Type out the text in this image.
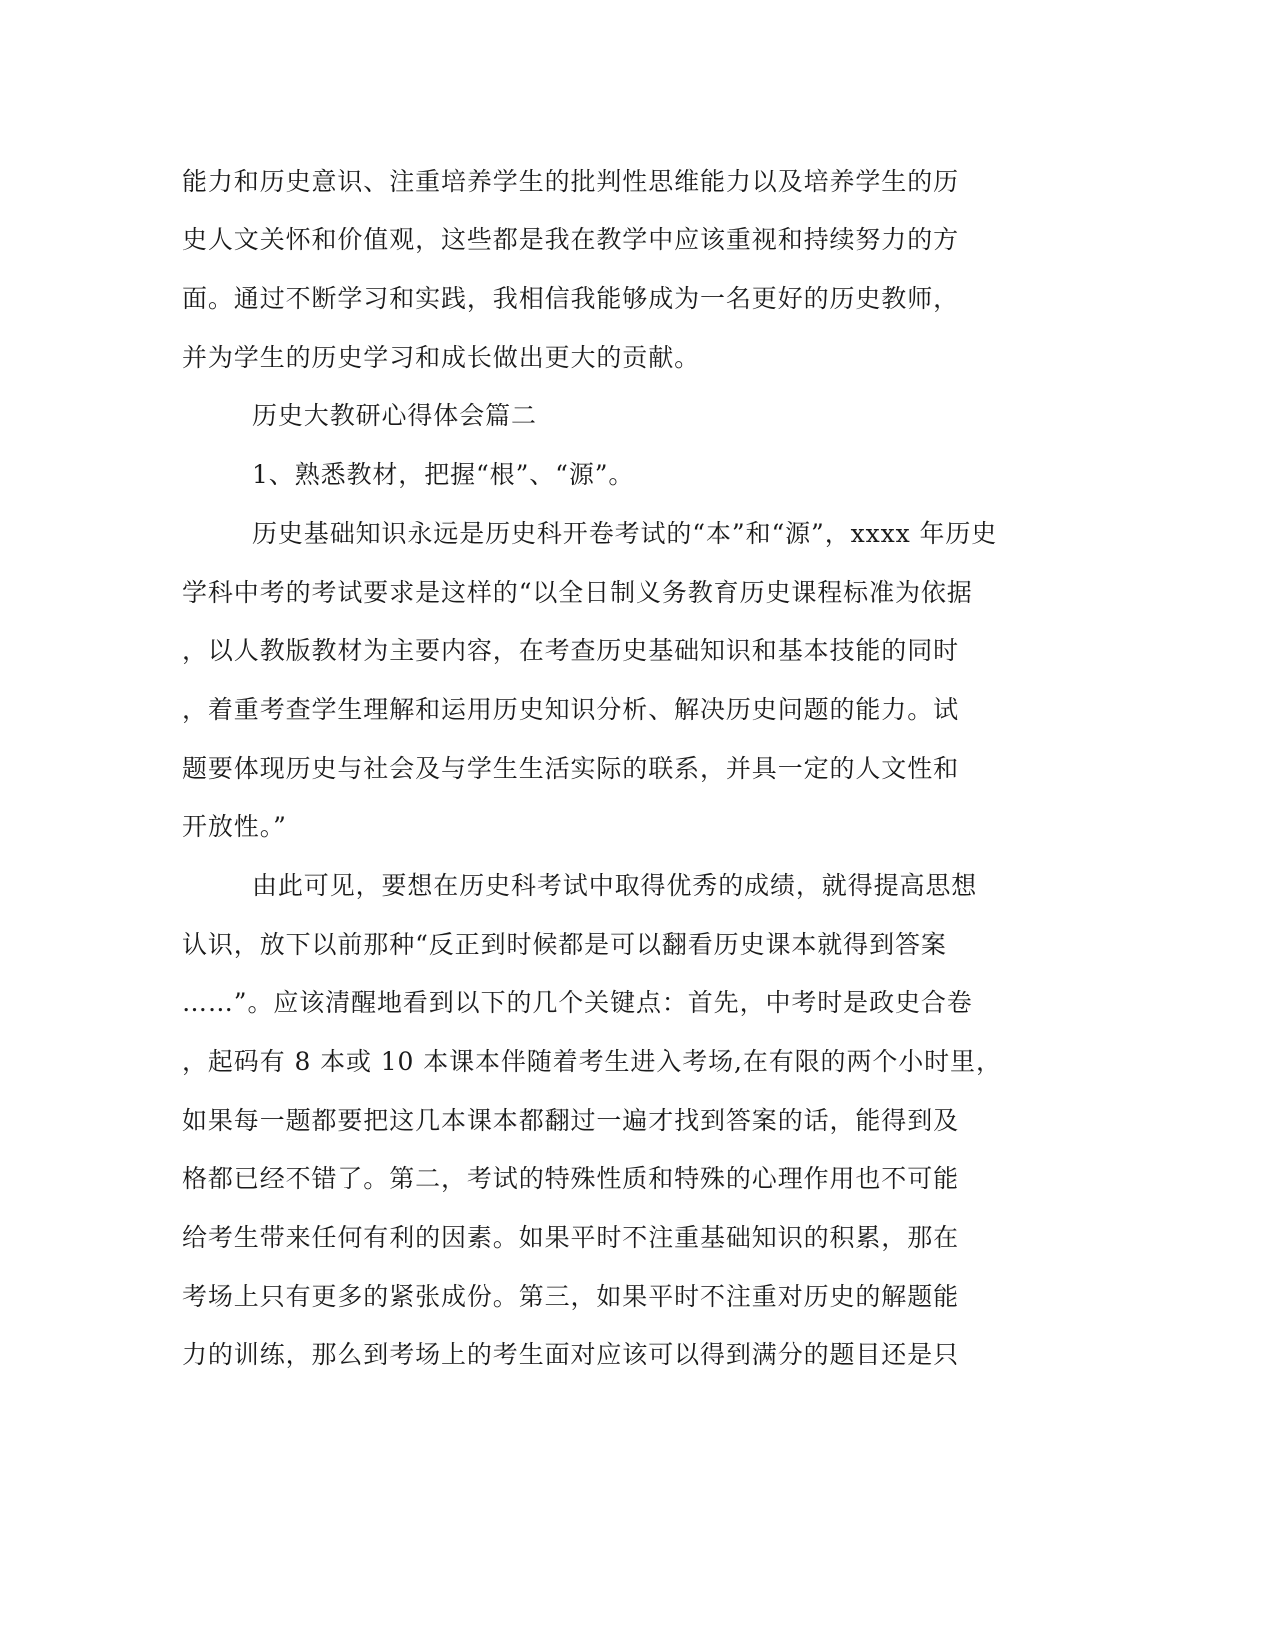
能力和历史意识、注重培养学生的批判性思维能力以及培养学生的历
史人文关怀和价值观，这些都是我在教学中应该重视和持续努力的方
面。通过不断学习和实践，我相信我能够成为一名更好的历史教师，
并为学生的历史学习和成长做出更大的贡献。
历史大教研心得体会篇二
1、熟悉教材，把握“根”、“源”。
历史基础知识永远是历史科开卷考试的“本”和“源”，xxxx 年历史
学科中考的考试要求是这样的“以全日制义务教育历史课程标准为依据
，以人教版教材为主要内容，在考查历史基础知识和基本技能的同时
，着重考查学生理解和运用历史知识分析、解决历史问题的能力。试
题要体现历史与社会及与学生生活实际的联系，并具一定的人文性和
开放性。”
由此可见，要想在历史科考试中取得优秀的成绩，就得提高思想
认识，放下以前那种“反正到时候都是可以翻看历史课本就得到答案
……”。应该清醒地看到以下的几个关键点：首先，中考时是政史合卷
，起码有 8 本或 10 本课本伴随着考生进入考场,在有限的两个小时里，
如果每一题都要把这几本课本都翻过一遍才找到答案的话，能得到及
格都已经不错了。第二，考试的特殊性质和特殊的心理作用也不可能
给考生带来任何有利的因素。如果平时不注重基础知识的积累，那在
考场上只有更多的紧张成份。第三，如果平时不注重对历史的解题能
力的训练，那么到考场上的考生面对应该可以得到满分的题目还是只
